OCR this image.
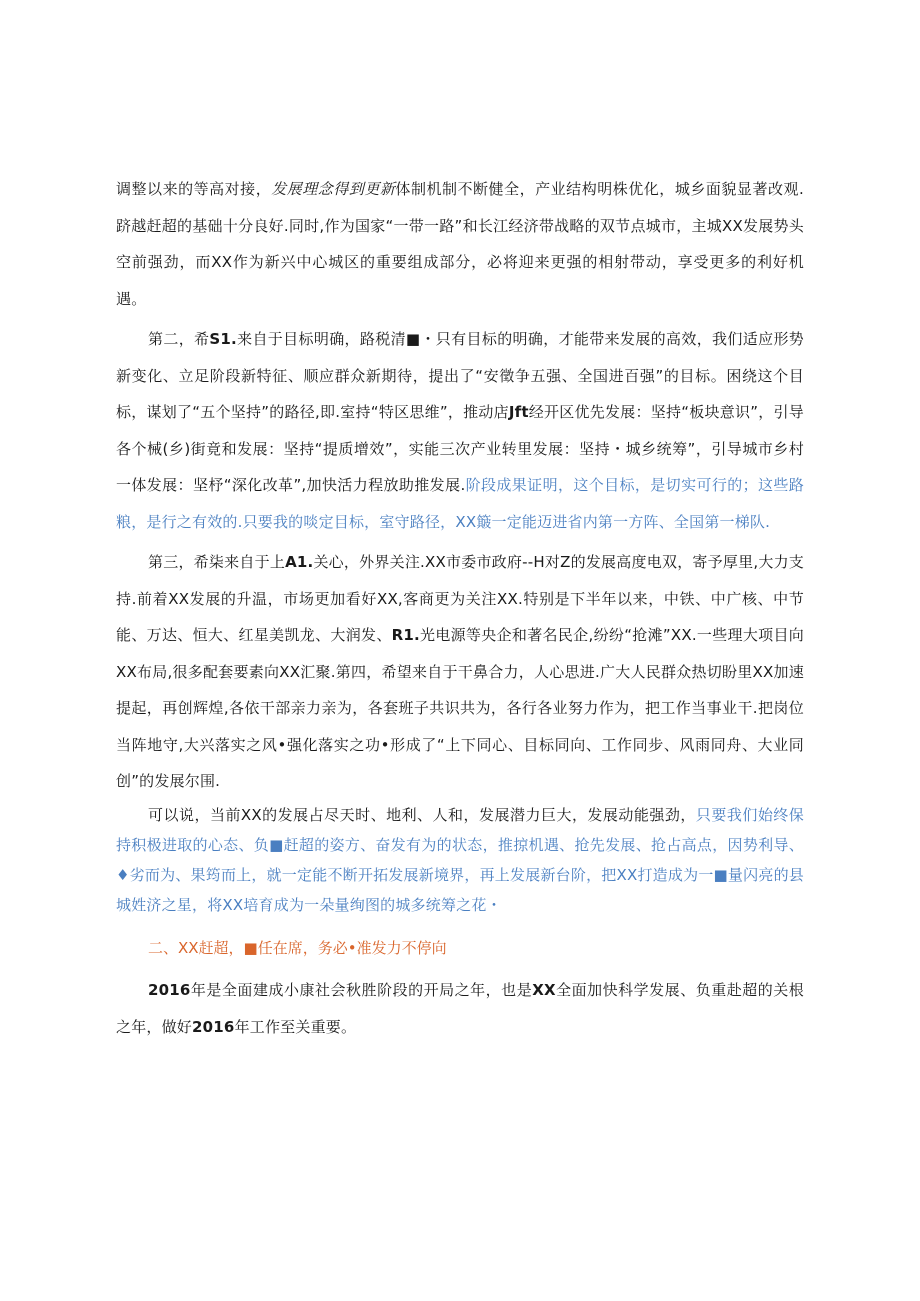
调整以来的等高对接，发展理念得到更新体制机制不断健全，产业结构明株优化，城乡面貌显著改观.跻越赶超的基础十分良好.同时,作为国家“一带一路”和长江经济带战略的双节点城市，主城XX发展势头空前强劲，而XX作为新兴中心城区的重要组成部分，必将迎来更强的相射带动，享受更多的利好机遇。

第二，希S1.来自于目标明确，路税清■・只有目标的明确，才能带来发展的高效，我们适应形势新变化、立足阶段新特征、顺应群众新期待，提出了“安徵争五强、全国进百强”的目标。困绕这个目标，谋划了“五个坚持”的路径,即.室持“特区思维”，推动店Jft经开区优先发展：坚持“板块意识”，引导各个械(乡)街竟和发展：坚持“提质增效”，实能三次产业转里发展：坚持・城乡统筹”，引导城市乡村一体发展：坚杼“深化改革”,加快活力程放助推发展.阶段成果证明，这个目标，是切实可行的；这些路粮，是行之有效的.只要我的啖定目标，室守路径，XX簸一定能迈进省内第一方阵、全国第一梯队.

第三，希柒来自于上A1.关心，外界关注.XX市委市政府--H对Z的发展高度电双，寄予厚里,大力支持.前着XX发展的升温，市场更加看好XX,客商更为关注XX.特别是下半年以来，中铁、中广核、中节能、万达、恒大、红星美凯龙、大润发、R1.光电源等央企和著名民企,纷纷“抢滩”XX.一些理大项目向XX布局,很多配套要素向XX汇聚.第四，希望来自于干鼻合力，人心思进.广大人民群众热切盼里XX加速提起，再创辉煌,各依干部亲力亲为，各套班子共识共为，各行各业努力作为，把工作当事业干.把岗位当阵地守,大兴落实之风•强化落实之功•形成了“上下同心、目标同向、工作同步、风雨同舟、大业同创”的发展尔围.

可以说，当前XX的发展占尽天时、地利、人和，发展潜力巨大，发展动能强劲，只要我们始终保持积极进取的心态、负■赶超的姿方、奋发有为的状态，推掠机遇、抢先发展、抢占高点，因势利导、♦劣而为、果筠而上，就一定能不断开拓发展新境界，再上发展新台阶，把XX打造成为一■量闪亮的县城姓济之星，将XX培育成为一朵量绚图的城多统筹之花・

二、XX赶超，■任在席，务必•准发力不停向

2016年是全面建成小康社会秋胜阶段的开局之年，也是XX全面加快科学发展、负重赴超的关根之年，做好2016年工作至关重要。
